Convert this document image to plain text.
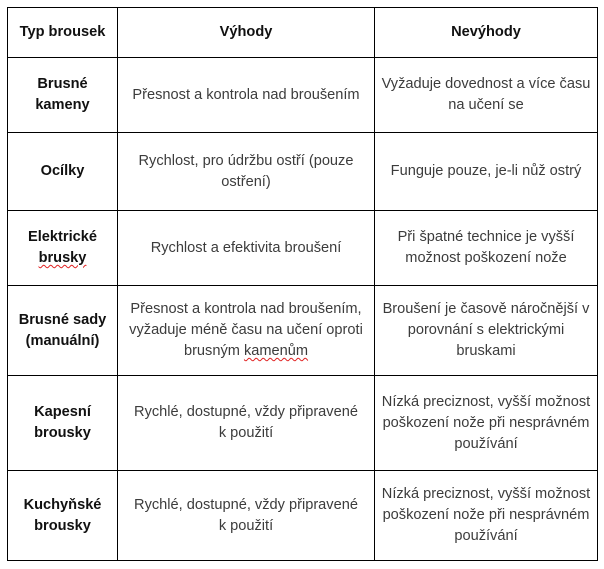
Typ brousek	Výhody	Nevýhody
Brusné kameny	Přesnost a kontrola nad broušením	Vyžaduje dovednost a více času na učení se
Ocílky	Rychlost, pro údržbu ostří (pouze ostření)	Funguje pouze, je-li nůž ostrý
Elektrické brusky	Rychlost a efektivita broušení	Při špatné technice je vyšší možnost poškození nože
Brusné sady (manuální)	Přesnost a kontrola nad broušením, vyžaduje méně času na učení oproti brusným kamenům	Broušení je časově náročnější v porovnání s elektrickými bruskami
Kapesní brousky	Rychlé, dostupné, vždy připravené k použití	Nízká preciznost, vyšší možnost poškození nože při nesprávném používání
Kuchyňské brousky	Rychlé, dostupné, vždy připravené k použití	Nízká preciznost, vyšší možnost poškození nože při nesprávném používání
